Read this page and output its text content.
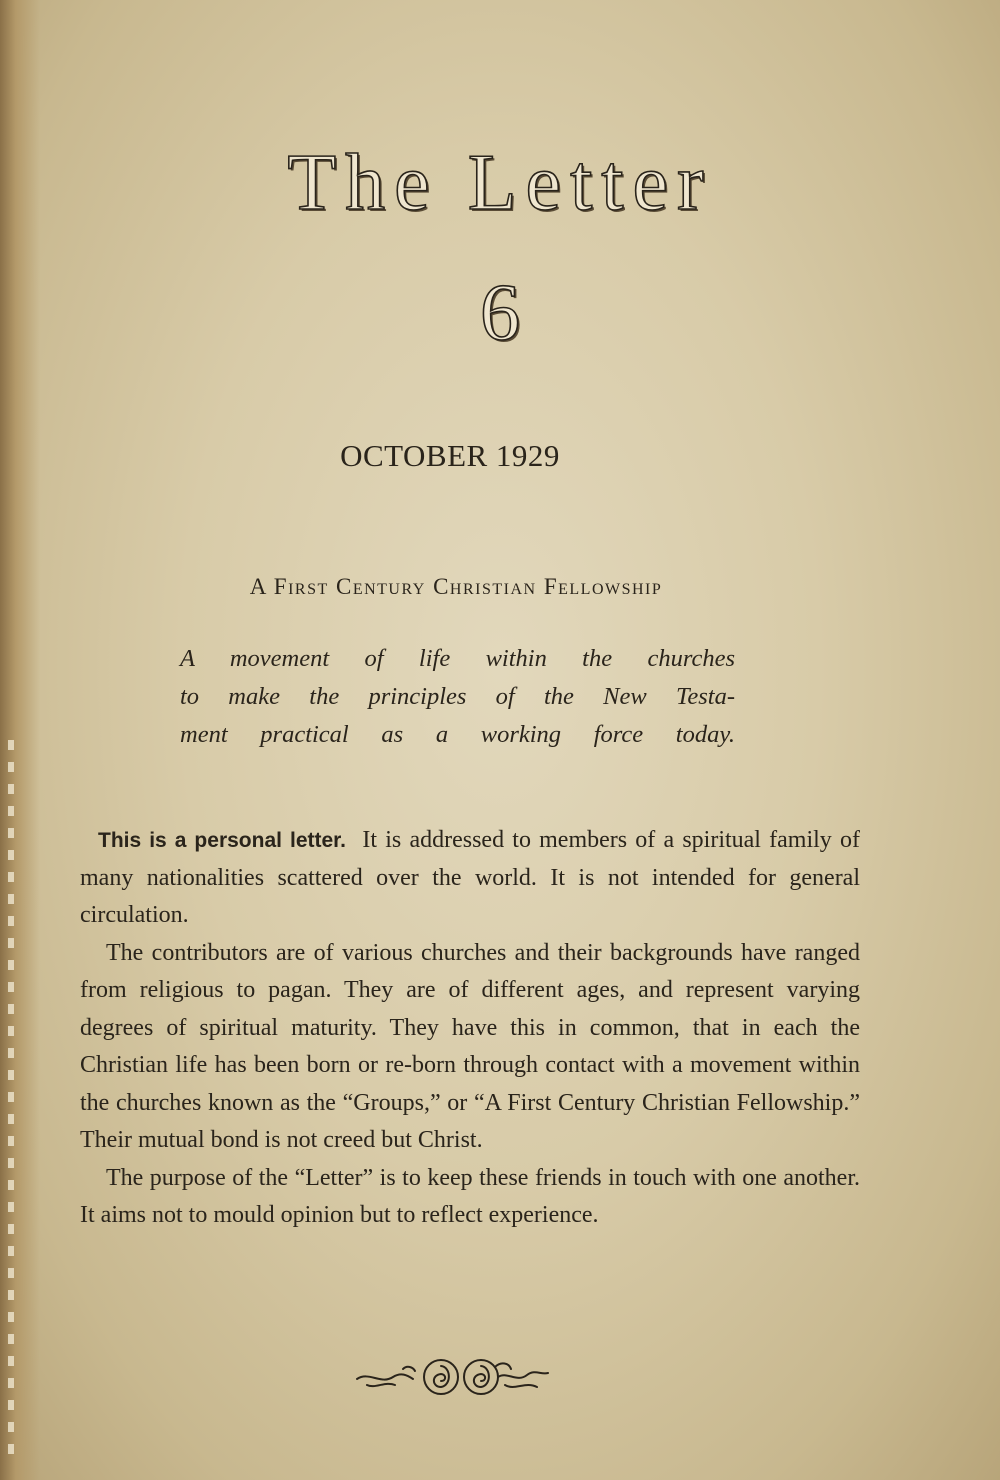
The Letter
6
OCTOBER 1929
A First Century Christian Fellowship
A movement of life within the churches
to make the principles of the New Testa-
ment practical as a working force today.

This is a personal letter. It is addressed to members of a spiritual family of many nationalities scattered over the world. It is not intended for general circulation.

The contributors are of various churches and their backgrounds have ranged from religious to pagan. They are of different ages, and represent varying degrees of spiritual maturity. They have this in common, that in each the Christian life has been born or re-born through contact with a movement within the churches known as the “Groups,” or “A First Century Christian Fellowship.” Their mutual bond is not creed but Christ.

The purpose of the “Letter” is to keep these friends in touch with one another. It aims not to mould opinion but to reflect experience.
